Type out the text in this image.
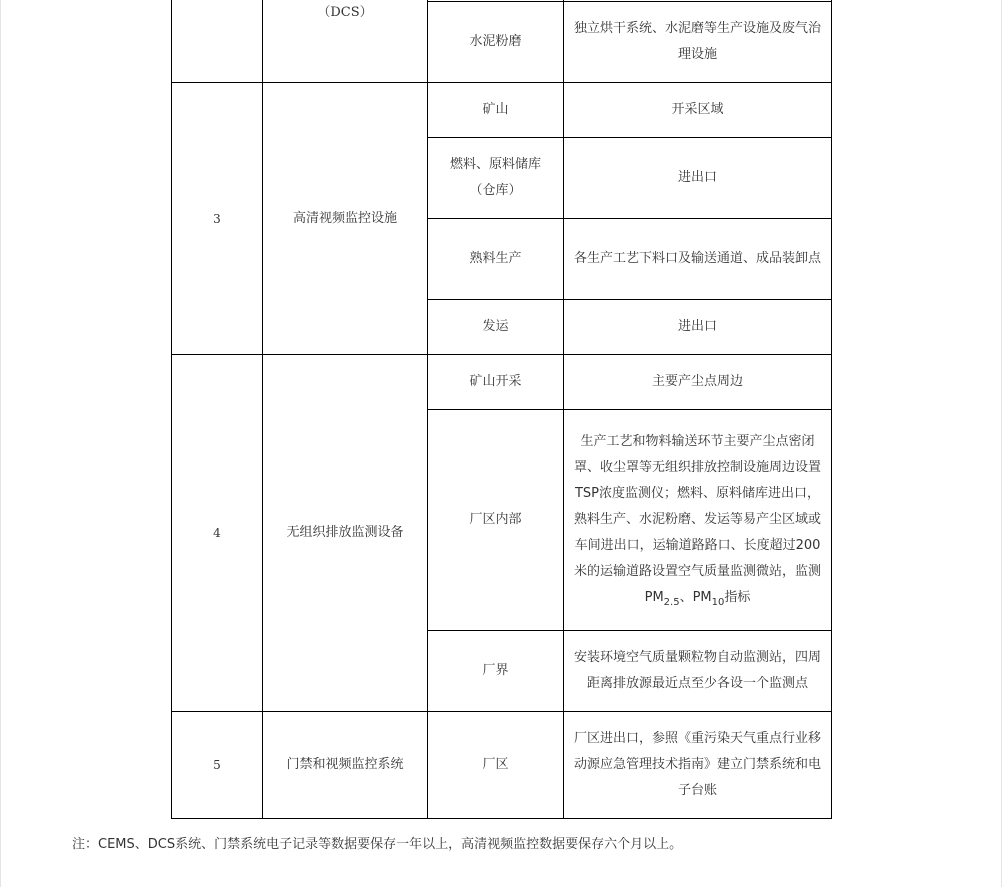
	（DCS）		
		水泥粉磨	独立烘干系统、水泥磨等生产设施及废气治理设施
3	高清视频监控设施	矿山	开采区域
		燃料、原料储库（仓库）	进出口
		熟料生产	各生产工艺下料口及输送通道、成品装卸点
		发运	进出口
4	无组织排放监测设备	矿山开采	主要产尘点周边
		厂区内部	生产工艺和物料输送环节主要产尘点密闭罩、收尘罩等无组织排放控制设施周边设置TSP浓度监测仪；燃料、原料储库进出口，熟料生产、水泥粉磨、发运等易产尘区域或车间进出口，运输道路路口、长度超过200米的运输道路设置空气质量监测微站，监测$PM_{2.5}$、$PM_{10}$指标
		厂界	安装环境空气质量颗粒物自动监测站，四周距离排放源最近点至少各设一个监测点
5	门禁和视频监控系统	厂区	厂区进出口，参照《重污染天气重点行业移动源应急管理技术指南》建立门禁系统和电子台账
注：CEMS、DCS系统、门禁系统电子记录等数据要保存一年以上，高清视频监控数据要保存六个月以上。
